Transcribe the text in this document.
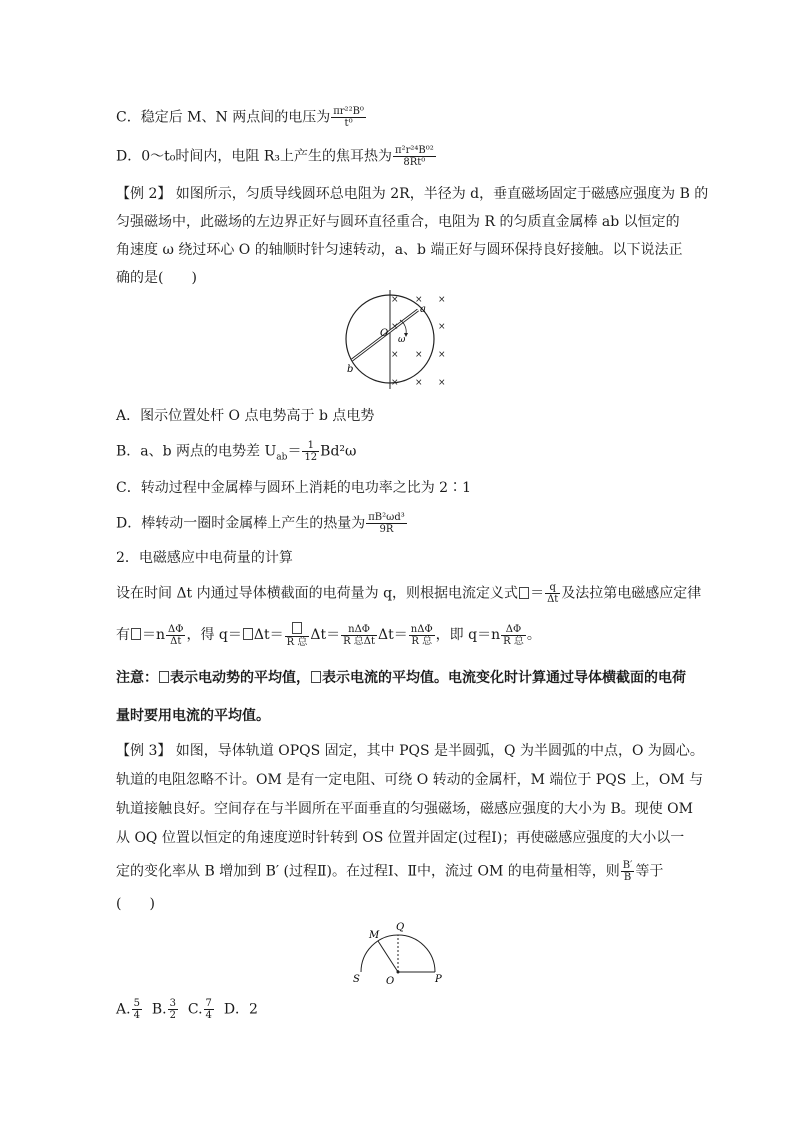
C．稳定后 M、N 两点间的电压为 $\frac{\text{πr²²B⁰}}{\text{t⁰}}$
D．0～t₀时间内，电阻 R₃上产生的焦耳热为 $\frac{\text{π²r²⁴B⁰²}}{\text{8Rt⁰}}$
【例 2】 如图所示，匀质导线圆环总电阻为 2R，半径为 d，垂直磁场固定于磁感应强度为 B 的
匀强磁场中，此磁场的左边界正好与圆环直径重合，电阻为 R 的匀质直金属棒 ab 以恒定的
角速度 ω 绕过环心 O 的轴顺时针匀速转动，a、b 端正好与圆环保持良好接触。以下说法正
确的是(　　)
O
a
b
ω
× × ×
×	×
× × ×
× × ×
A．图示位置处杆 O 点电势高于 b 点电势
B．a、b 两点的电势差 $U_{ab}= \frac{1}{12} Bd^2\omega$
C．转动过程中金属棒与圆环上消耗的电功率之比为 2∶1
D．棒转动一圈时金属棒上产生的热量为 $\frac{\text{πB²ωd³}}{9R}$
2．电磁感应中电荷量的计算
设在时间 Δt 内通过导体横截面的电荷量为 q，则根据电流定义式 ＝ $\frac{q}{\Delta t}$ 及法拉第电磁感应定律
有 $=n \frac{\Delta\Phi}{\Delta t}$ ，得 q＝ Δt＝ R 总 $\Delta t= \frac{\text{nΔΦ}}{\text{R 总Δt}} \Delta t= \frac{\text{nΔΦ}}{\text{R 总}}$ ，即 $q=n \frac{\Delta\Phi}{\text{R 总}}$ 。
注意： 表示电动势的平均值， 表示电流的平均值。电流变化时计算通过导体横截面的电荷
量时要用电流的平均值。
【例 3】 如图，导体轨道 OPQS 固定，其中 PQS 是半圆弧，Q 为半圆弧的中点，O 为圆心。
轨道的电阻忽略不计。OM 是有一定电阻、可绕 O 转动的金属杆，M 端位于 PQS 上，OM 与
轨道接触良好。空间存在与半圆所在平面垂直的匀强磁场，磁感应强度的大小为 B。现使 OM
从 OQ 位置以恒定的角速度逆时针转到 OS 位置并固定(过程Ⅰ)；再使磁感应强度的大小以一
定的变化率从 B 增加到 B′ (过程Ⅱ)。在过程Ⅰ、Ⅱ中，流过 OM 的电荷量相等，则 $\frac{B'}{B}$ 等于
(　　)
M
Q
S	O	P
A. $\frac{5}{4} B$. $\frac{3}{2} C$. $\frac{7}{4}$ D．2
